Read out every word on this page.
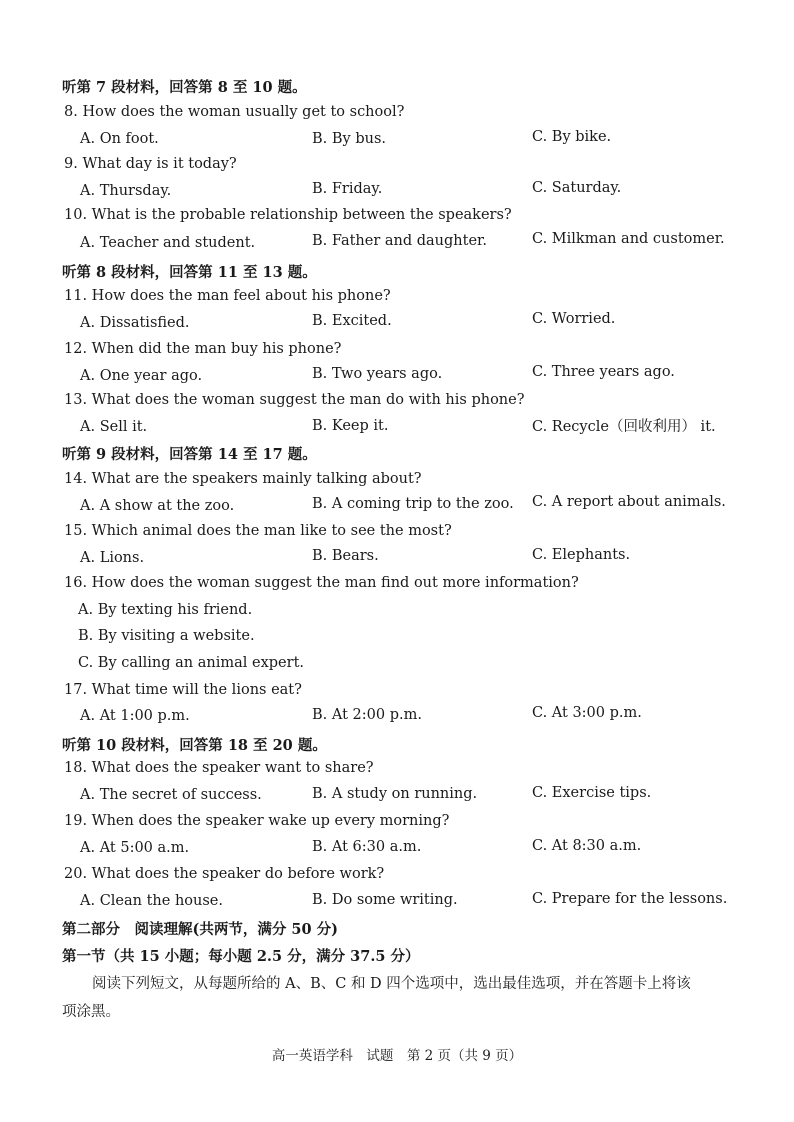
听第 7 段材料，回答第 8 至 10 题。
8. How does the woman usually get to school?
A. On foot.	B. By bus.	C. By bike.
9. What day is it today?
A. Thursday.	B. Friday.	C. Saturday.
10. What is the probable relationship between the speakers?
A. Teacher and student.	B. Father and daughter.	C. Milkman and customer.
听第 8 段材料，回答第 11 至 13 题。
11. How does the man feel about his phone?
A. Dissatisfied.	B. Excited.	C. Worried.
12. When did the man buy his phone?
A. One year ago.	B. Two years ago.	C. Three years ago.
13. What does the woman suggest the man do with his phone?
A. Sell it.	B. Keep it.	C. Recycle（回收利用） it.
听第 9 段材料，回答第 14 至 17 题。
14. What are the speakers mainly talking about?
A. A show at the zoo.	B. A coming trip to the zoo. C. A report about animals.
15. Which animal does the man like to see the most?
A. Lions.	B. Bears.	C. Elephants.
16. How does the woman suggest the man find out more information?
A. By texting his friend.
B. By visiting a website.
C. By calling an animal expert.
17. What time will the lions eat?
A. At 1:00 p.m.	B. At 2:00 p.m.	C. At 3:00 p.m.
听第 10 段材料，回答第 18 至 20 题。
18. What does the speaker want to share?
A. The secret of success.	B. A study on running.	C. Exercise tips.
19. When does the speaker wake up every morning?
A. At 5:00 a.m.	B. At 6:30 a.m.	C. At 8:30 a.m.
20. What does the speaker do before work?
A. Clean the house.	B. Do some writing.	C. Prepare for the lessons.
第二部分　阅读理解(共两节，满分 50 分)
第一节（共 15 小题；每小题 2.5 分，满分 37.5 分）
阅读下列短文，从每题所给的 A、B、C 和 D 四个选项中，选出最佳选项，并在答题卡上将该
项涂黑。
高一英语学科　试题　第 2 页（共 9 页）
